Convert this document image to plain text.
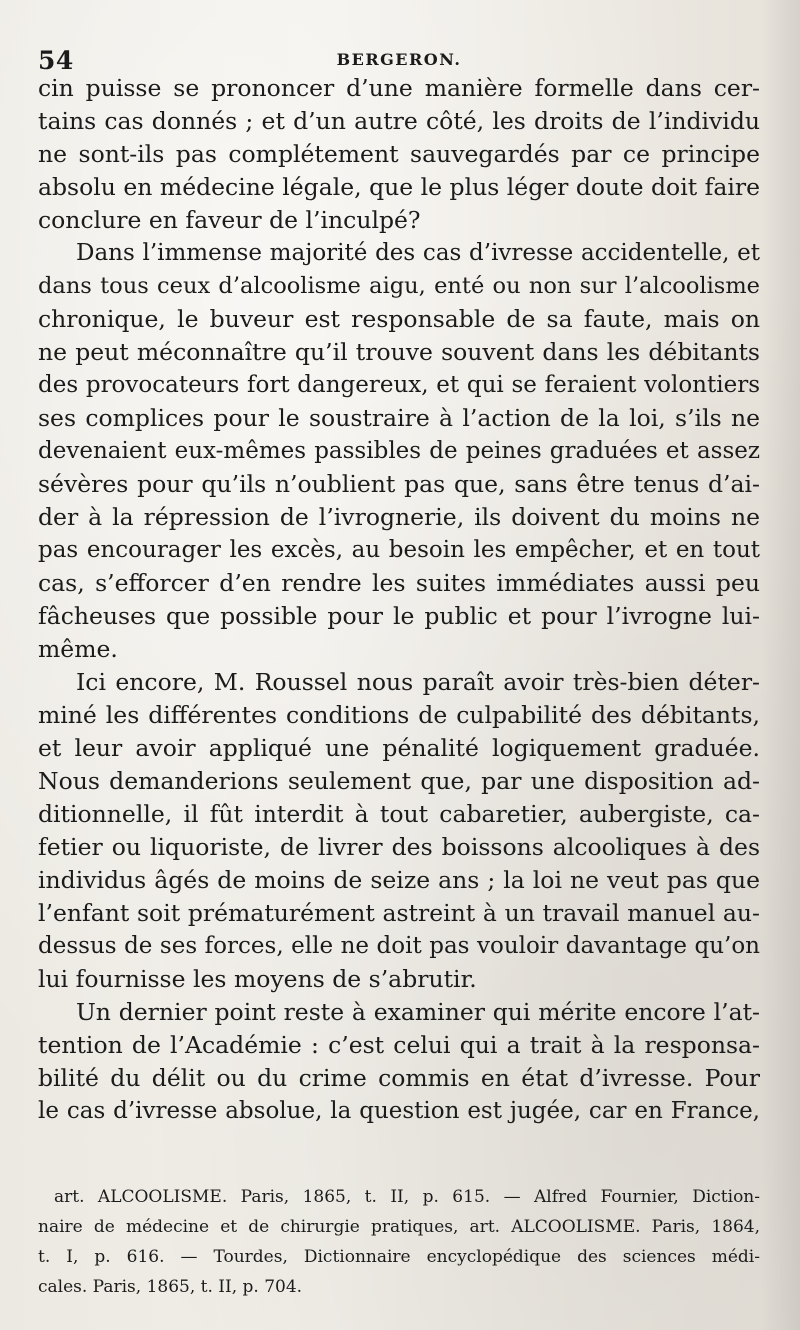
54	BERGERON.
cin puisse se prononcer d’une manière formelle dans cer-
tains cas donnés ; et d’un autre côté, les droits de l’individu
ne sont-ils pas complétement sauvegardés par ce principe
absolu en médecine légale, que le plus léger doute doit faire
conclure en faveur de l’inculpé?
Dans l’immense majorité des cas d’ivresse accidentelle, et
dans tous ceux d’alcoolisme aigu, enté ou non sur l’alcoolisme
chronique, le buveur est responsable de sa faute, mais on
ne peut méconnaître qu’il trouve souvent dans les débitants
des provocateurs fort dangereux, et qui se feraient volontiers
ses complices pour le soustraire à l’action de la loi, s’ils ne
devenaient eux-mêmes passibles de peines graduées et assez
sévères pour qu’ils n’oublient pas que, sans être tenus d’ai-
der à la répression de l’ivrognerie, ils doivent du moins ne
pas encourager les excès, au besoin les empêcher, et en tout
cas, s’efforcer d’en rendre les suites immédiates aussi peu
fâcheuses que possible pour le public et pour l’ivrogne lui-
même.
Ici encore, M. Roussel nous paraît avoir très-bien déter-
miné les différentes conditions de culpabilité des débitants,
et leur avoir appliqué une pénalité logiquement graduée.
Nous demanderions seulement que, par une disposition ad-
ditionnelle, il fût interdit à tout cabaretier, aubergiste, ca-
fetier ou liquoriste, de livrer des boissons alcooliques à des
individus âgés de moins de seize ans ; la loi ne veut pas que
l’enfant soit prématurément astreint à un travail manuel au-
dessus de ses forces, elle ne doit pas vouloir davantage qu’on
lui fournisse les moyens de s’abrutir.
Un dernier point reste à examiner qui mérite encore l’at-
tention de l’Académie : c’est celui qui a trait à la responsa-
bilité du délit ou du crime commis en état d’ivresse. Pour
le cas d’ivresse absolue, la question est jugée, car en France,
art. ALCOOLISME. Paris, 1865, t. II, p. 615. — Alfred Fournier, Diction-
naire de médecine et de chirurgie pratiques, art. ALCOOLISME. Paris, 1864,
t. I, p. 616. — Tourdes, Dictionnaire encyclopédique des sciences médi-
cales. Paris, 1865, t. II, p. 704.
